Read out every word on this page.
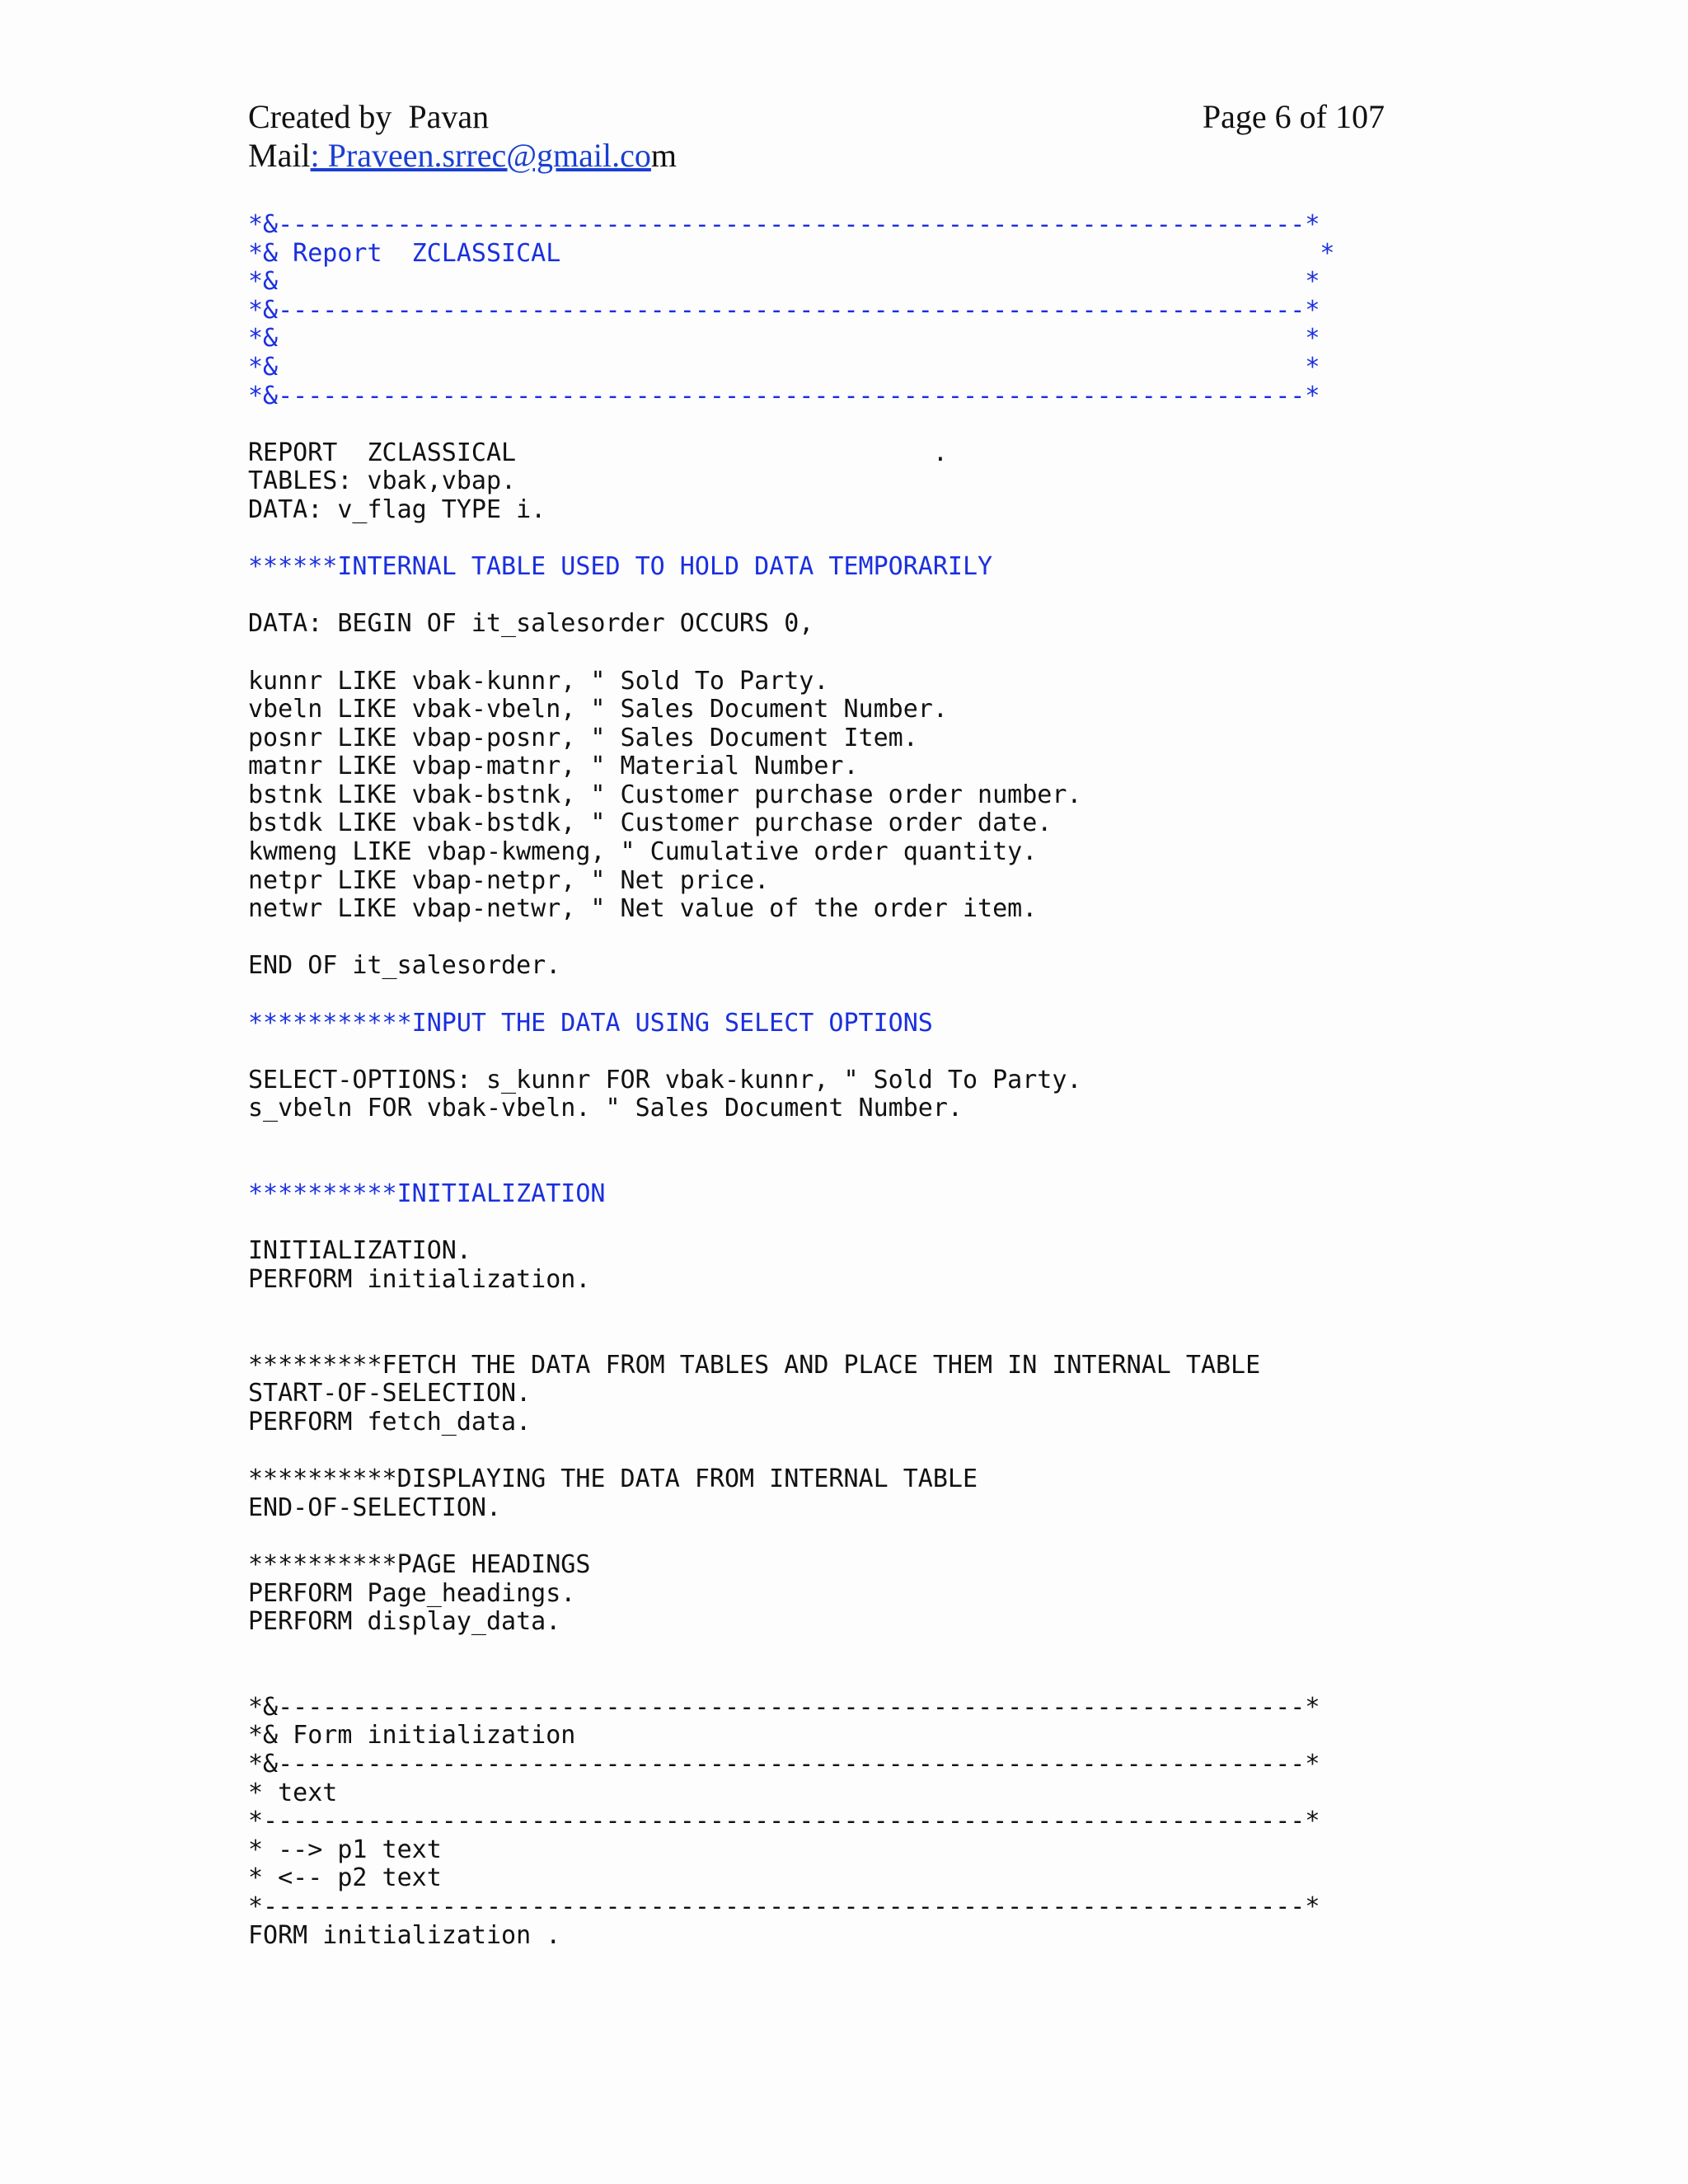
Created by  Pavan	Page 6 of 107
Mail: Praveen.srrec@gmail.com
*&---------------------------------------------------------------------*
*& Report  ZCLASSICAL                                                   *
*&                                                                     *
*&---------------------------------------------------------------------*
*&                                                                     *
*&                                                                     *
*&---------------------------------------------------------------------*

REPORT  ZCLASSICAL                            .
TABLES: vbak,vbap.
DATA: v_flag TYPE i.

******INTERNAL TABLE USED TO HOLD DATA TEMPORARILY

DATA: BEGIN OF it_salesorder OCCURS 0,

kunnr LIKE vbak-kunnr, " Sold To Party.
vbeln LIKE vbak-vbeln, " Sales Document Number.
posnr LIKE vbap-posnr, " Sales Document Item.
matnr LIKE vbap-matnr, " Material Number.
bstnk LIKE vbak-bstnk, " Customer purchase order number.
bstdk LIKE vbak-bstdk, " Customer purchase order date.
kwmeng LIKE vbap-kwmeng, " Cumulative order quantity.
netpr LIKE vbap-netpr, " Net price.
netwr LIKE vbap-netwr, " Net value of the order item.

END OF it_salesorder.

***********INPUT THE DATA USING SELECT OPTIONS

SELECT-OPTIONS: s_kunnr FOR vbak-kunnr, " Sold To Party.
s_vbeln FOR vbak-vbeln. " Sales Document Number.

**********INITIALIZATION

INITIALIZATION.
PERFORM initialization.

*********FETCH THE DATA FROM TABLES AND PLACE THEM IN INTERNAL TABLE
START-OF-SELECTION.
PERFORM fetch_data.

**********DISPLAYING THE DATA FROM INTERNAL TABLE
END-OF-SELECTION.

**********PAGE HEADINGS
PERFORM Page_headings.
PERFORM display_data.

*&---------------------------------------------------------------------*
*& Form initialization
*&---------------------------------------------------------------------*
* text
*----------------------------------------------------------------------*
* --> p1 text
* <-- p2 text
*----------------------------------------------------------------------*
FORM initialization .
